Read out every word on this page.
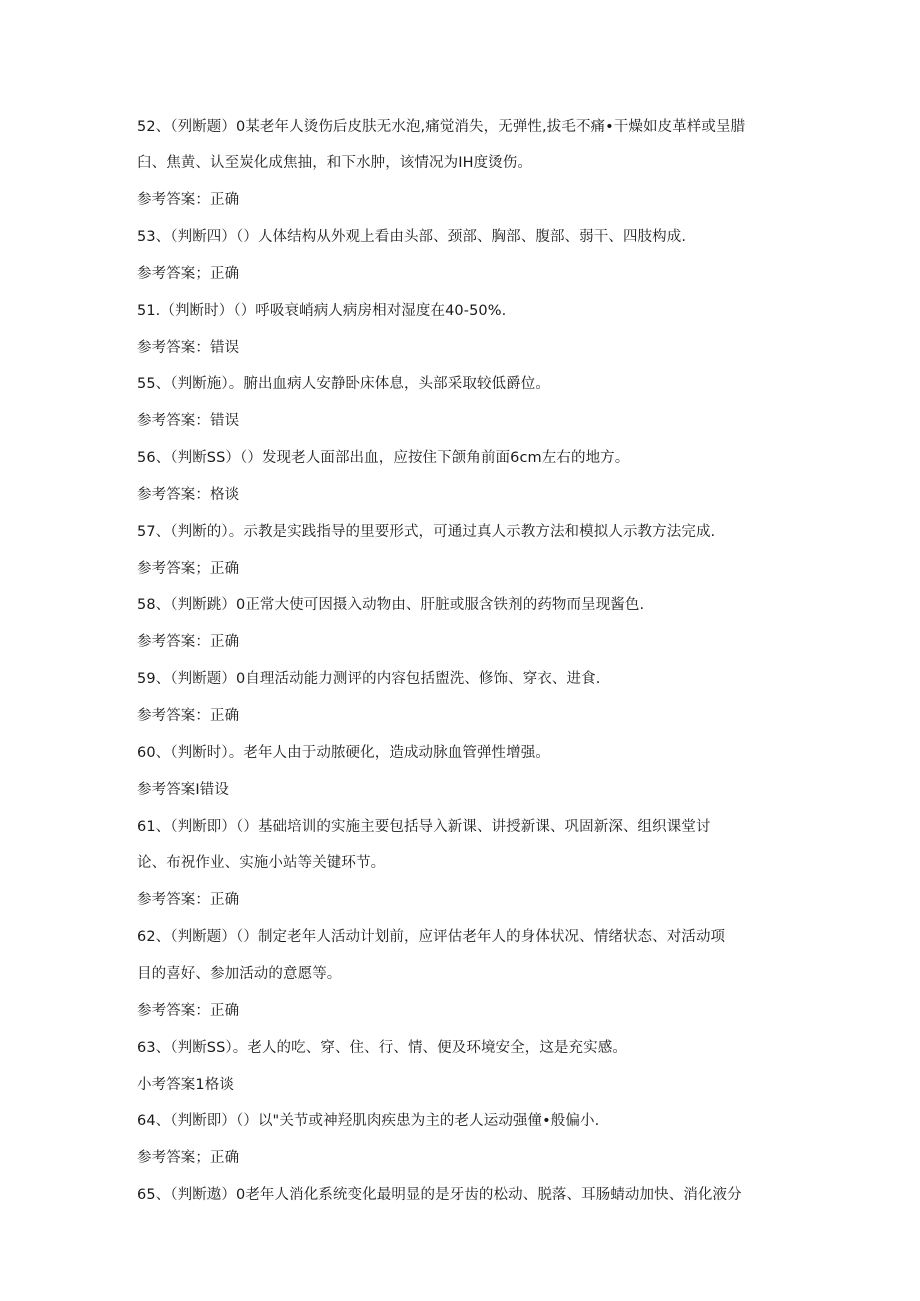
52、（列断题）0某老年人烫伤后皮肤无水泡,痛觉消失，无弹性,拔毛不痛•干燥如皮革样或呈腊
臼、焦黄、认至炭化成焦抽，和下水肿，该情况为IH度烫伤。
参考答案：正确
53、（判断四）（）人体结构从外观上看由头部、颈部、胸部、腹部、弱干、四肢构成.
参考答案；正确
51.（判断时）（）呼吸衰峭病人病房相对湿度在40-50%.
参考答案：错误
55、（判断施）。腑出血病人安静卧床体息，头部采取较低爵位。
参考答案：错误
56、（判断SS）（）发现老人面部出血，应按住下颌角前面6cm左右的地方。
参考答案：格谈
57、（判断的）。示教是实践指导的里要形式，可通过真人示教方法和模拟人示教方法完成.
参考答案；正确
58、（判断跳）0正常大使可因摄入动物由、肝脏或服含铁剂的药物而呈现酱色.
参考答案：正确
59、（判断题）0自理活动能力测评的内容包括盥洗、修饰、穿衣、进食.
参考答案：正确
60、（判断时）。老年人由于动脓硬化，造成动脉血管弹性增强。
参考答案I错设
61、（判断即）（）基础培训的实施主要包括导入新课、讲授新课、巩固新深、组织课堂讨
论、布祝作业、实施小站等关键环节。
参考答案：正确
62、（判断题）（）制定老年人活动计划前，应评估老年人的身体状况、情绪状态、对活动项
目的喜好、参加活动的意愿等。
参考答案：正确
63、（判断SS）。老人的吃、穿、住、行、情、便及环境安全，这是充实感。
小考答案1格谈
64、（判断即）（）以"关节或神羟肌肉疾患为主的老人运动强僮•般偏小.
参考答案；正确
65、（判断遨）0老年人消化系统变化最明显的是牙齿的松动、脱落、耳肠蜻动加快、消化液分
